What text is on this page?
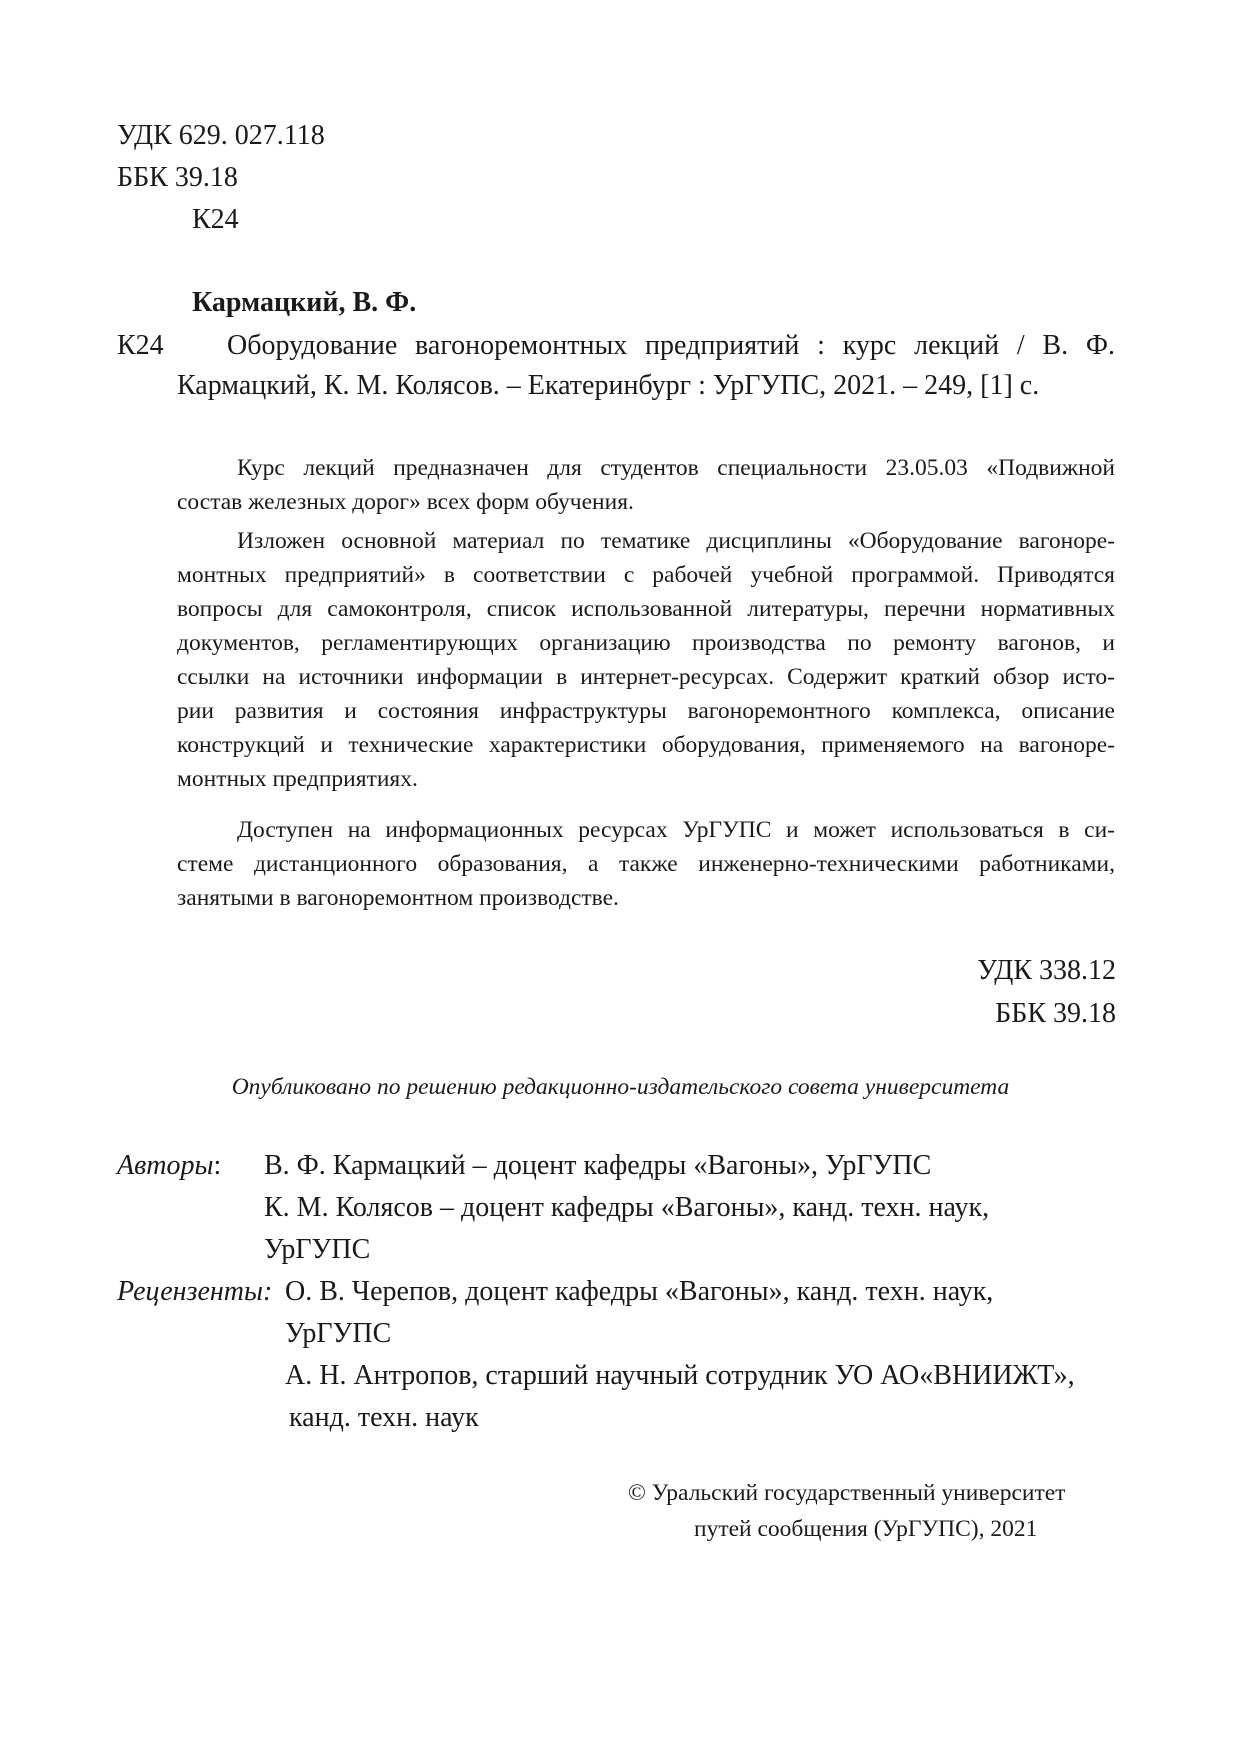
УДК 629. 027.118
ББК 39.18
К24
Кармацкий, В. Ф.
К24 Оборудование вагоноремонтных предприятий : курс лекций / В. Ф.
Кармацкий, К. М. Колясов. – Екатеринбург : УрГУПС, 2021. – 249, [1] с.
Курс лекций предназначен для студентов специальности 23.05.03 «Подвижной
состав железных дорог» всех форм обучения.
Изложен основной материал по тематике дисциплины «Оборудование вагоноре-
монтных предприятий» в соответствии с рабочей учебной программой. Приводятся
вопросы для самоконтроля, список использованной литературы, перечни нормативных
документов, регламентирующих организацию производства по ремонту вагонов, и
ссылки на источники информации в интернет-ресурсах. Содержит краткий обзор исто-
рии развития и состояния инфраструктуры вагоноремонтного комплекса, описание
конструкций и технические характеристики оборудования, применяемого на вагоноре-
монтных предприятиях.
Доступен на информационных ресурсах УрГУПС и может использоваться в си-
стеме дистанционного образования, а также инженерно-техническими работниками,
занятыми в вагоноремонтном производстве.
УДК 338.12
ББК 39.18
Опубликовано по решению редакционно-издательского совета университета
Авторы: В. Ф. Кармацкий – доцент кафедры «Вагоны», УрГУПС
К. М. Колясов – доцент кафедры «Вагоны», канд. техн. наук,
УрГУПС
Рецензенты: О. В. Черепов, доцент кафедры «Вагоны», канд. техн. наук,
УрГУПС
А. Н. Антропов, старший научный сотрудник УО АО«ВНИИЖТ»,
канд. техн. наук
© Уральский государственный университет
путей сообщения (УрГУПС), 2021
